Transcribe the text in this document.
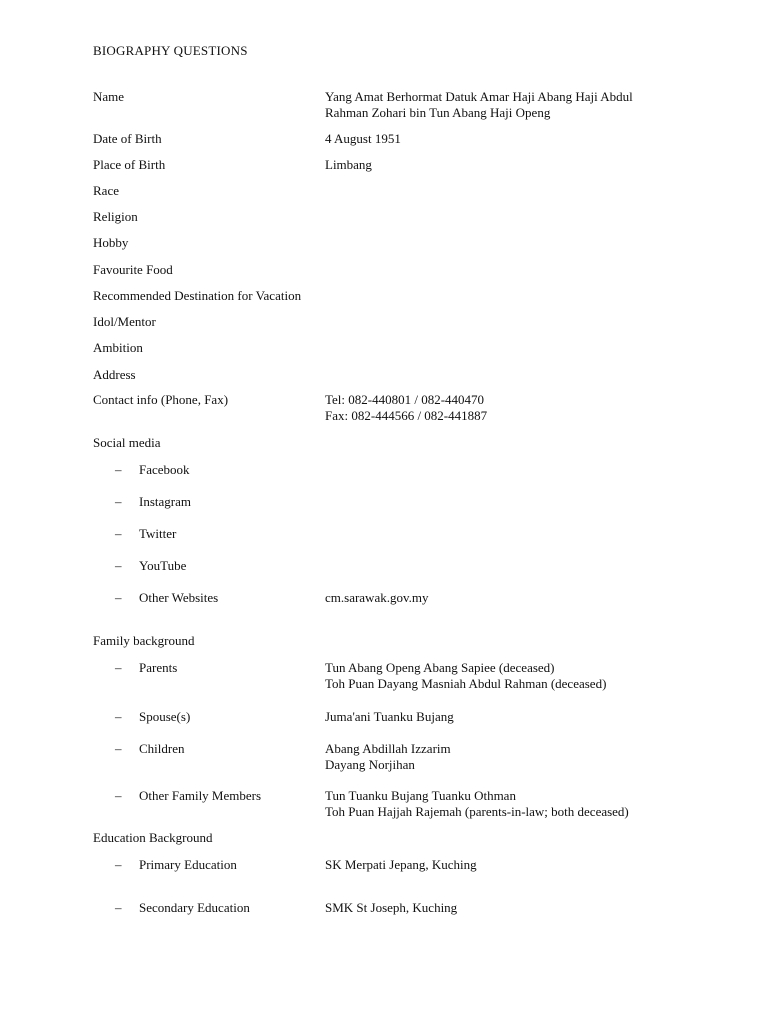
BIOGRAPHY QUESTIONS
Name	Yang Amat Berhormat Datuk Amar Haji Abang Haji Abdul
Rahman Zohari bin Tun Abang Haji Openg
Date of Birth	4 August 1951
Place of Birth	Limbang
Race
Religion
Hobby
Favourite Food
Recommended Destination for Vacation
Idol/Mentor
Ambition
Address
Contact info (Phone, Fax)	Tel: 082-440801 / 082-440470
Fax: 082-444566 / 082-441887
Social media
– Facebook
– Instagram
– Twitter
– YouTube
– Other Websites	cm.sarawak.gov.my
Family background
– Parents	Tun Abang Openg Abang Sapiee (deceased)
Toh Puan Dayang Masniah Abdul Rahman (deceased)
– Spouse(s)	Juma'ani Tuanku Bujang
– Children	Abang Abdillah Izzarim
Dayang Norjihan
– Other Family Members	Tun Tuanku Bujang Tuanku Othman
Toh Puan Hajjah Rajemah (parents-in-law; both deceased)
Education Background
– Primary Education	SK Merpati Jepang, Kuching
– Secondary Education	SMK St Joseph, Kuching
